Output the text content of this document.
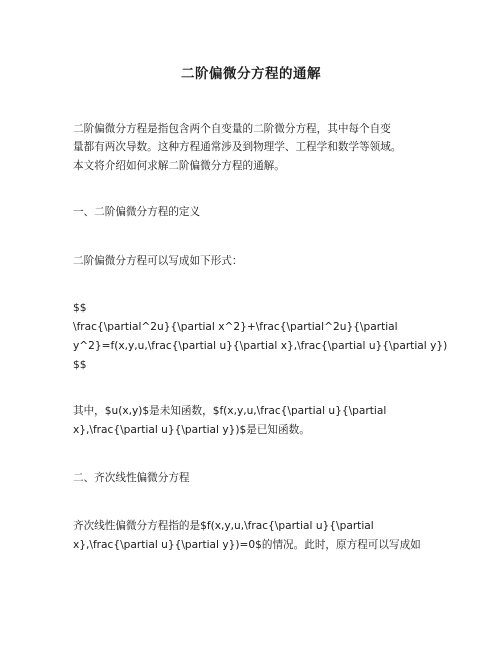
二阶偏微分方程的通解
二阶偏微分方程是指包含两个自变量的二阶微分方程，其中每个自变
量都有两次导数。这种方程通常涉及到物理学、工程学和数学等领域。
本文将介绍如何求解二阶偏微分方程的通解。
一、二阶偏微分方程的定义
二阶偏微分方程可以写成如下形式：
$$
\frac{\partial^2u}{\partial x^2}+\frac{\partial^2u}{\partial
y^2}=f(x,y,u,\frac{\partial u}{\partial x},\frac{\partial u}{\partial y})
$$
其中，$u(x,y)$是未知函数，$f(x,y,u,\frac{\partial u}{\partial
x},\frac{\partial u}{\partial y})$是已知函数。
二、齐次线性偏微分方程
齐次线性偏微分方程指的是$f(x,y,u,\frac{\partial u}{\partial
x},\frac{\partial u}{\partial y})=0$的情况。此时，原方程可以写成如
